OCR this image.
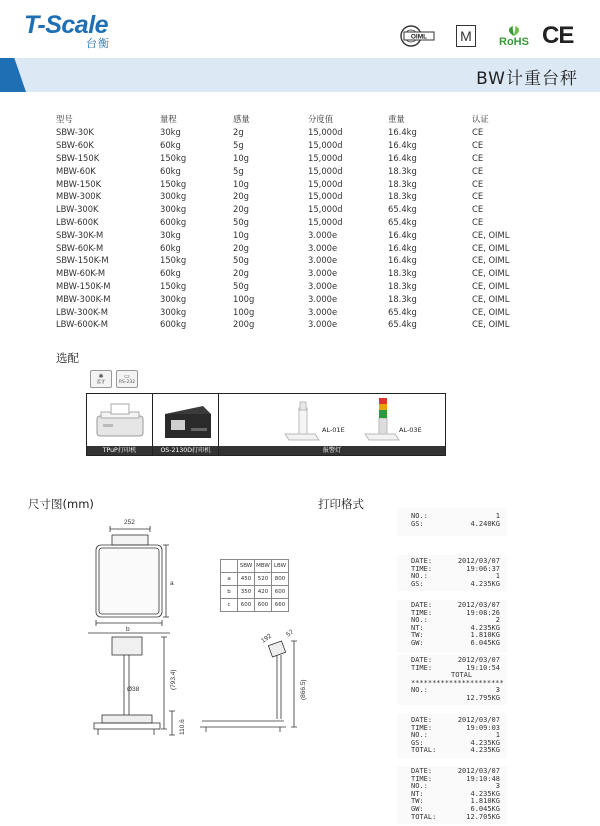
T-Scale
台衡	OIML M	RoHS CE
BW计重台秤
型号	量程	感量	分度值	重量	认证
SBW-30K	30kg	2g	15,000d	16.4kg	CE
SBW-60K	60kg	5g	15,000d	16.4kg	CE
SBW-150K	150kg	10g	15,000d	16.4kg	CE
MBW-60K	60kg	5g	15,000d	18.3kg	CE
MBW-150K	150kg	10g	15,000d	18.3kg	CE
MBW-300K	300kg	20g	15,000d	18.3kg	CE
LBW-300K	300kg	20g	15,000d	65.4kg	CE
LBW-600K	600kg	50g	15,000d	65.4kg	CE
SBW-30K-M	30kg	10g	3.000e	16.4kg	CE, OIML
SBW-60K-M	60kg	20g	3.000e	16.4kg	CE, OIML
SBW-150K-M	150kg	50g	3.000e	16.4kg	CE, OIML
MBW-60K-M	60kg	20g	3.000e	18.3kg	CE, OIML
MBW-150K-M	150kg	50g	3.000e	18.3kg	CE, OIML
MBW-300K-M	300kg	100g	3.000e	18.3kg	CE, OIML
LBW-300K-M	300kg	100g	3.000e	65.4kg	CE, OIML
LBW-600K-M	600kg	200g	3.000e	65.4kg	CE, OIML
选配
✱
蓝牙
▭
RS-232
TPuP打印机	OS-2130D打印机
AL-01E	AL-03E
报警灯
尺寸图(mm)
252
a
b
Ø38	(793.4)
110.6
(866.5)
192 57
	SBW	MBW	LBW
a	450	520	800
b	350	420	600
c	600	600	660
打印格式
NO.:	1
GS:	4.240KG
DATE:	2012/03/07
TIME:	19:06:37
NO.:	1
GS:	4.235KG
DATE:	2012/03/07
TIME:	19:08:26
NO.:	2
NT:	4.235KG
TW:	1.810KG
GW:	6.045KG
DATE:	2012/03/07
TIME:	19:10:54
TOTAL
**********************
NO.:	3
12.795KG
DATE:	2012/03/07
TIME:	19:09:03
NO.:	1
GS:	4.235KG
TOTAL:	4.235KG
DATE:	2012/03/07
TIME:	19:10:48
NO.:	3
NT:	4.235KG
TW:	1.810KG
GW:	6.045KG
TOTAL:	12.705KG
